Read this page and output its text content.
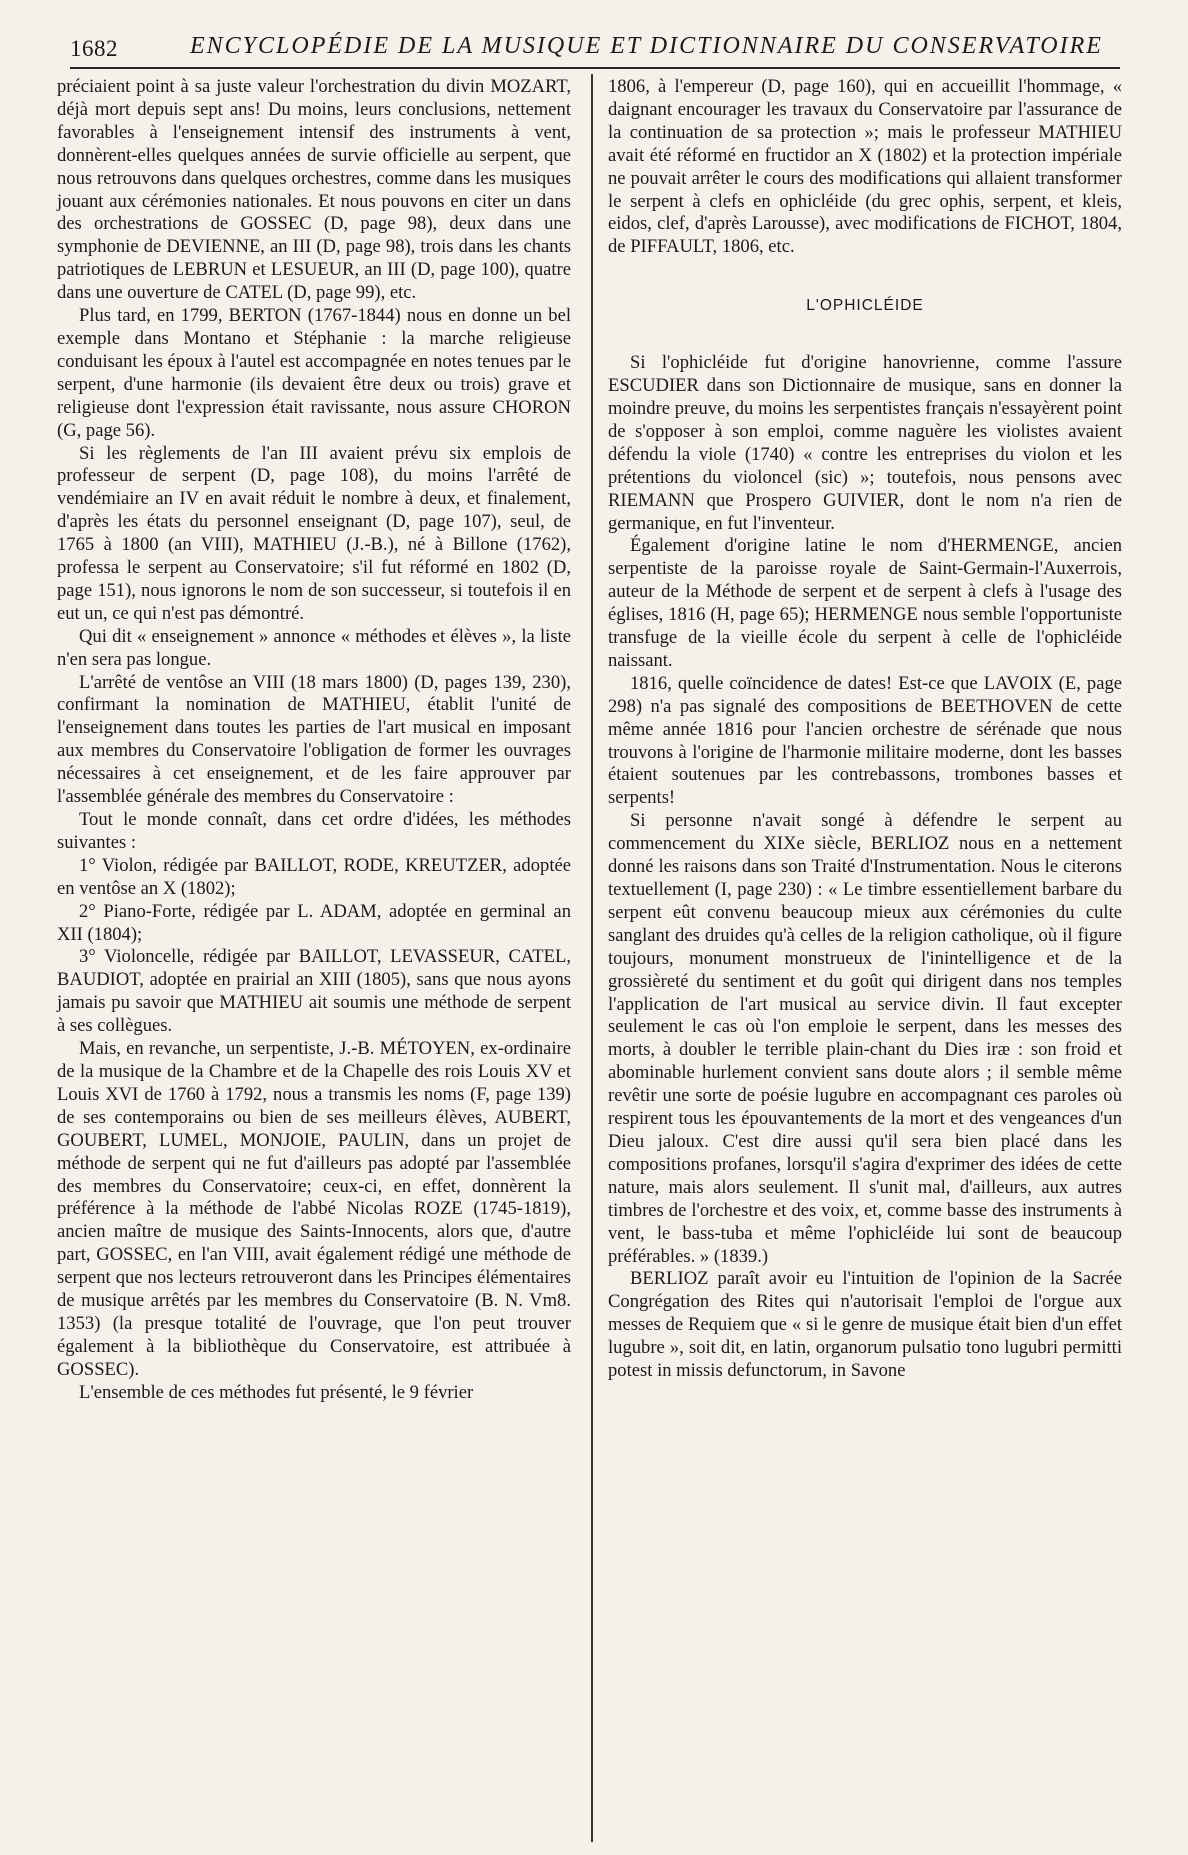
1682	ENCYCLOPÉDIE DE LA MUSIQUE ET DICTIONNAIRE DU CONSERVATOIRE

préciaient point à sa juste valeur l'orchestration du divin MOZART, déjà mort depuis sept ans! Du moins, leurs conclusions, nettement favorables à l'enseignement intensif des instruments à vent, donnèrent-elles quelques années de survie officielle au serpent, que nous retrouvons dans quelques orchestres, comme dans les musiques jouant aux cérémonies nationales. Et nous pouvons en citer un dans des orchestrations de GOSSEC (D, page 98), deux dans une symphonie de DEVIENNE, an III (D, page 98), trois dans les chants patriotiques de LEBRUN et LESUEUR, an III (D, page 100), quatre dans une ouverture de CATEL (D, page 99), etc.

Plus tard, en 1799, BERTON (1767-1844) nous en donne un bel exemple dans Montano et Stéphanie : la marche religieuse conduisant les époux à l'autel est accompagnée en notes tenues par le serpent, d'une harmonie (ils devaient être deux ou trois) grave et religieuse dont l'expression était ravissante, nous assure CHORON (G, page 56).

Si les règlements de l'an III avaient prévu six emplois de professeur de serpent (D, page 108), du moins l'arrêté de vendémiaire an IV en avait réduit le nombre à deux, et finalement, d'après les états du personnel enseignant (D, page 107), seul, de 1765 à 1800 (an VIII), MATHIEU (J.-B.), né à Billone (1762), professa le serpent au Conservatoire; s'il fut réformé en 1802 (D, page 151), nous ignorons le nom de son successeur, si toutefois il en eut un, ce qui n'est pas démontré.

Qui dit « enseignement » annonce « méthodes et élèves », la liste n'en sera pas longue.

L'arrêté de ventôse an VIII (18 mars 1800) (D, pages 139, 230), confirmant la nomination de MATHIEU, établit l'unité de l'enseignement dans toutes les parties de l'art musical en imposant aux membres du Conservatoire l'obligation de former les ouvrages nécessaires à cet enseignement, et de les faire approuver par l'assemblée générale des membres du Conservatoire :

Tout le monde connaît, dans cet ordre d'idées, les méthodes suivantes :

1° Violon, rédigée par BAILLOT, RODE, KREUTZER, adoptée en ventôse an X (1802);

2° Piano-Forte, rédigée par L. ADAM, adoptée en germinal an XII (1804);

3° Violoncelle, rédigée par BAILLOT, LEVASSEUR, CATEL, BAUDIOT, adoptée en prairial an XIII (1805), sans que nous ayons jamais pu savoir que MATHIEU ait soumis une méthode de serpent à ses collègues.

Mais, en revanche, un serpentiste, J.-B. MÉTOYEN, ex-ordinaire de la musique de la Chambre et de la Chapelle des rois Louis XV et Louis XVI de 1760 à 1792, nous a transmis les noms (F, page 139) de ses contemporains ou bien de ses meilleurs élèves, AUBERT, GOUBERT, LUMEL, MONJOIE, PAULIN, dans un projet de méthode de serpent qui ne fut d'ailleurs pas adopté par l'assemblée des membres du Conservatoire; ceux-ci, en effet, donnèrent la préférence à la méthode de l'abbé Nicolas ROZE (1745-1819), ancien maître de musique des Saints-Innocents, alors que, d'autre part, GOSSEC, en l'an VIII, avait également rédigé une méthode de serpent que nos lecteurs retrouveront dans les Principes élémentaires de musique arrêtés par les membres du Conservatoire (B. N. Vm8. 1353) (la presque totalité de l'ouvrage, que l'on peut trouver également à la bibliothèque du Conservatoire, est attribuée à GOSSEC).

L'ensemble de ces méthodes fut présenté, le 9 février

1806, à l'empereur (D, page 160), qui en accueillit l'hommage, « daignant encourager les travaux du Conservatoire par l'assurance de la continuation de sa protection »; mais le professeur MATHIEU avait été réformé en fructidor an X (1802) et la protection impériale ne pouvait arrêter le cours des modifications qui allaient transformer le serpent à clefs en ophicléide (du grec ophis, serpent, et kleis, eidos, clef, d'après Larousse), avec modifications de FICHOT, 1804, de PIFFAULT, 1806, etc.

L'OPHICLÉIDE

Si l'ophicléide fut d'origine hanovrienne, comme l'assure ESCUDIER dans son Dictionnaire de musique, sans en donner la moindre preuve, du moins les serpentistes français n'essayèrent point de s'opposer à son emploi, comme naguère les violistes avaient défendu la viole (1740) « contre les entreprises du violon et les prétentions du violoncel (sic) »; toutefois, nous pensons avec RIEMANN que Prospero GUIVIER, dont le nom n'a rien de germanique, en fut l'inventeur.

Également d'origine latine le nom d'HERMENGE, ancien serpentiste de la paroisse royale de Saint-Germain-l'Auxerrois, auteur de la Méthode de serpent et de serpent à clefs à l'usage des églises, 1816 (H, page 65); HERMENGE nous semble l'opportuniste transfuge de la vieille école du serpent à celle de l'ophicléide naissant.

1816, quelle coïncidence de dates! Est-ce que LAVOIX (E, page 298) n'a pas signalé des compositions de BEETHOVEN de cette même année 1816 pour l'ancien orchestre de sérénade que nous trouvons à l'origine de l'harmonie militaire moderne, dont les basses étaient soutenues par les contrebassons, trombones basses et serpents!

Si personne n'avait songé à défendre le serpent au commencement du XIXe siècle, BERLIOZ nous en a nettement donné les raisons dans son Traité d'Instrumentation. Nous le citerons textuellement (I, page 230) : « Le timbre essentiellement barbare du serpent eût convenu beaucoup mieux aux cérémonies du culte sanglant des druides qu'à celles de la religion catholique, où il figure toujours, monument monstrueux de l'inintelligence et de la grossièreté du sentiment et du goût qui dirigent dans nos temples l'application de l'art musical au service divin. Il faut excepter seulement le cas où l'on emploie le serpent, dans les messes des morts, à doubler le terrible plain-chant du Dies iræ : son froid et abominable hurlement convient sans doute alors ; il semble même revêtir une sorte de poésie lugubre en accompagnant ces paroles où respirent tous les épouvantements de la mort et des vengeances d'un Dieu jaloux. C'est dire aussi qu'il sera bien placé dans les compositions profanes, lorsqu'il s'agira d'exprimer des idées de cette nature, mais alors seulement. Il s'unit mal, d'ailleurs, aux autres timbres de l'orchestre et des voix, et, comme basse des instruments à vent, le bass-tuba et même l'ophicléide lui sont de beaucoup préférables. » (1839.)

BERLIOZ paraît avoir eu l'intuition de l'opinion de la Sacrée Congrégation des Rites qui n'autorisait l'emploi de l'orgue aux messes de Requiem que « si le genre de musique était bien d'un effet lugubre », soit dit, en latin, organorum pulsatio tono lugubri permitti potest in missis defunctorum, in Savone
